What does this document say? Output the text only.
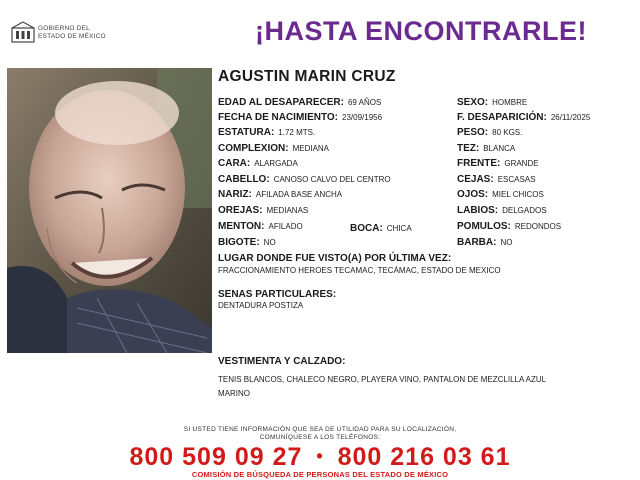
GOBIERNO DEL
ESTADO DE MÉXICO	¡HASTA ENCONTRARLE!
AGUSTIN MARIN CRUZ
EDAD AL DESAPARECER: 69 AÑOS
FECHA DE NACIMIENTO: 23/09/1956
ESTATURA: 1.72 MTS.
COMPLEXION: MEDIANA
CARA: ALARGADA
CABELLO: CANOSO CALVO DEL CENTRO
NARIZ: AFILADA BASE ANCHA
OREJAS: MEDIANAS
MENTON: AFILADO	BOCA: CHICA
BIGOTE: NO
SEXO: HOMBRE
F. DESAPARICIÓN: 26/11/2025
PESO: 80 KGS.
TEZ: BLANCA
FRENTE: GRANDE
CEJAS: ESCASAS
OJOS: MIEL CHICOS
LABIOS: DELGADOS
POMULOS: REDONDOS
BARBA: NO
LUGAR DONDE FUE VISTO(A) POR ÚLTIMA VEZ:
FRACCIONAMIENTO HEROES TECAMAC, TECÁMAC, ESTADO DE MEXICO
SENAS PARTICULARES:
DENTADURA POSTIZA
VESTIMENTA Y CALZADO:
TENIS BLANCOS, CHALECO NEGRO, PLAYERA VINO, PANTALON DE MEZCLILLA AZUL
MARINO
SI USTED TIENE INFORMACIÓN QUE SEA DE UTILIDAD PARA SU LOCALIZACIÓN,
COMUNÍQUESE A LOS TELÉFONOS:
800 509 09 27 • 800 216 03 61
COMISIÓN DE BÚSQUEDA DE PERSONAS DEL ESTADO DE MÉXICO
